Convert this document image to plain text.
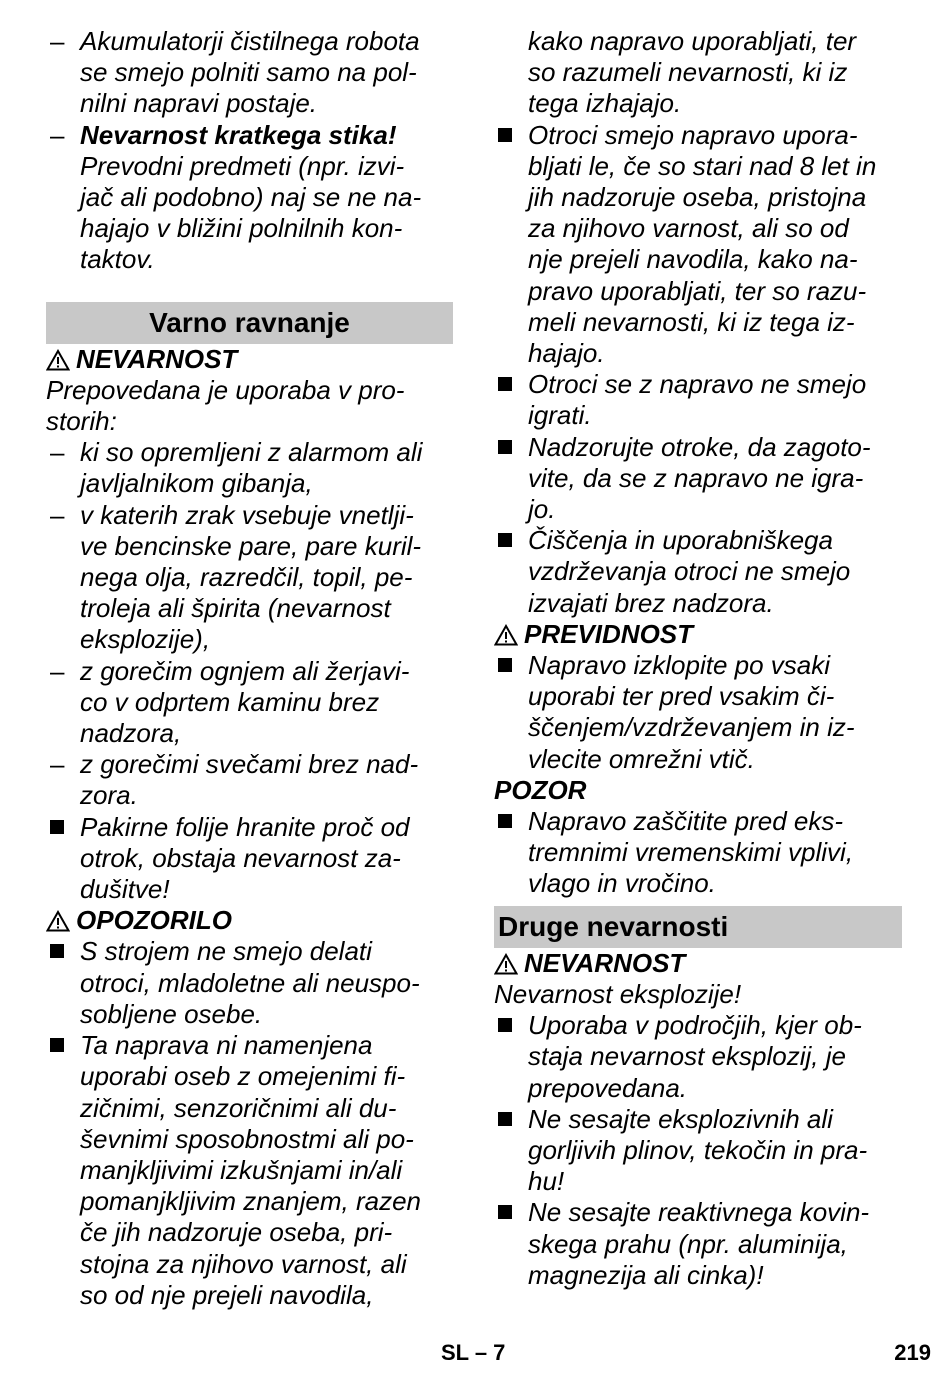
– Akumulatorji čistilnega robota
se smejo polniti samo na pol-
nilni napravi postaje.
– Nevarnost kratkega stika!
Prevodni predmeti (npr. izvi-
jač ali podobno) naj se ne na-
hajajo v bližini polnilnih kon-
taktov.
Varno ravnanje
NEVARNOST
Prepovedana je uporaba v pro-
storih:
– ki so opremljeni z alarmom ali
javljalnikom gibanja,
– v katerih zrak vsebuje vnetlji-
ve bencinske pare, pare kuril-
nega olja, razredčil, topil, pe-
troleja ali špirita (nevarnost
eksplozije),
– z gorečim ognjem ali žerjavi-
co v odprtem kaminu brez
nadzora,
– z gorečimi svečami brez nad-
zora.
Pakirne folije hranite proč od
otrok, obstaja nevarnost za-
dušitve!
OPOZORILO
S strojem ne smejo delati
otroci, mladoletne ali neuspo-
sobljene osebe.
Ta naprava ni namenjena
uporabi oseb z omejenimi fi-
zičnimi, senzoričnimi ali du-
ševnimi sposobnostmi ali po-
manjkljivimi izkušnjami in/ali
pomanjkljivim znanjem, razen
če jih nadzoruje oseba, pri-
stojna za njihovo varnost, ali
so od nje prejeli navodila,
kako napravo uporabljati, ter
so razumeli nevarnosti, ki iz
tega izhajajo.
Otroci smejo napravo upora-
bljati le, če so stari nad 8 let in
jih nadzoruje oseba, pristojna
za njihovo varnost, ali so od
nje prejeli navodila, kako na-
pravo uporabljati, ter so razu-
meli nevarnosti, ki iz tega iz-
hajajo.
Otroci se z napravo ne smejo
igrati.
Nadzorujte otroke, da zagoto-
vite, da se z napravo ne igra-
jo.
Čiščenja in uporabniškega
vzdrževanja otroci ne smejo
izvajati brez nadzora.
PREVIDNOST
Napravo izklopite po vsaki
uporabi ter pred vsakim či-
ščenjem/vzdrževanjem in iz-
vlecite omrežni vtič.
POZOR
Napravo zaščitite pred eks-
tremnimi vremenskimi vplivi,
vlago in vročino.
Druge nevarnosti
NEVARNOST
Nevarnost eksplozije!
Uporaba v področjih, kjer ob-
staja nevarnost eksplozij, je
prepovedana.
Ne sesajte eksplozivnih ali
gorljivih plinov, tekočin in pra-
hu!
Ne sesajte reaktivnega kovin-
skega prahu (npr. aluminija,
magnezija ali cinka)!
SL – 7	219
